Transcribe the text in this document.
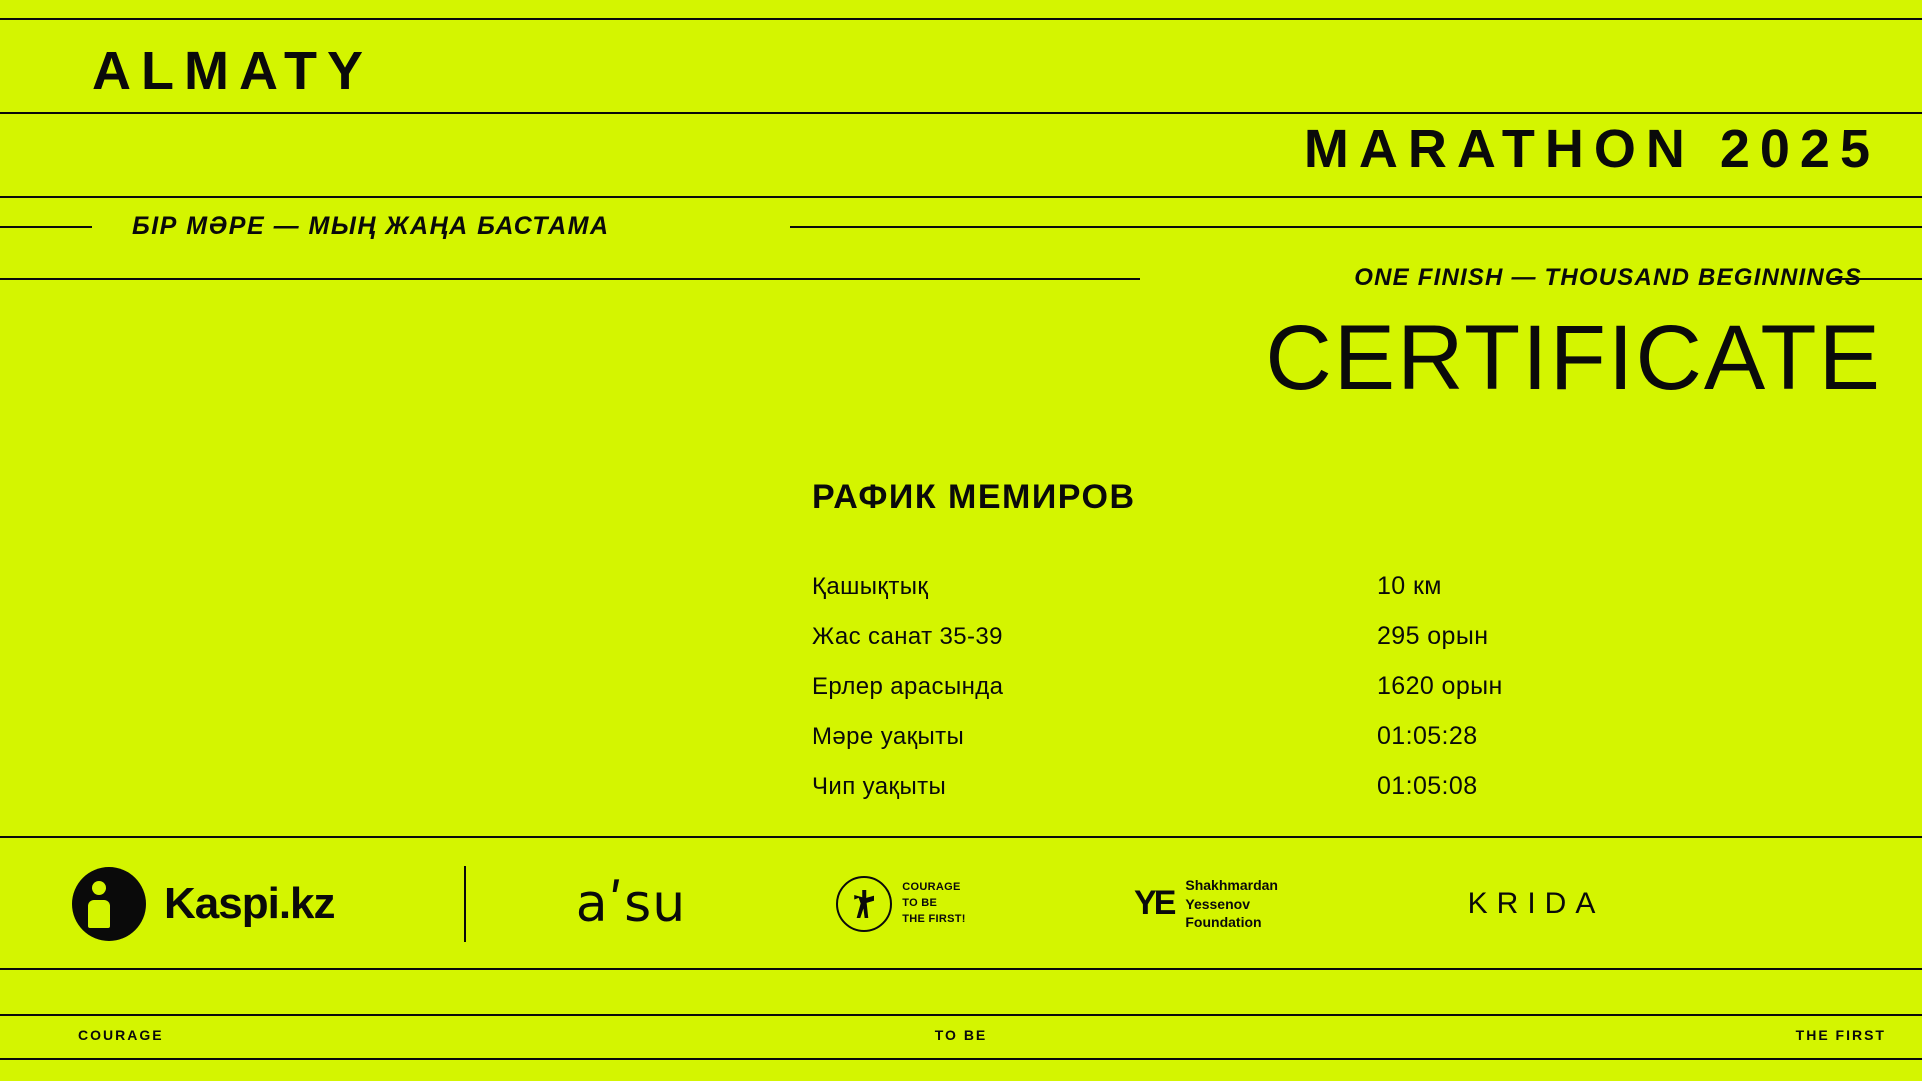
ALMATY
MARATHON 2025
БІР МӘРЕ — МЫҢ ЖАҢА БАСТАМА
ONE FINISH — THOUSAND BEGINNINGS
CERTIFICATE
РАФИК МЕМИРОВ
Қашықтық	10 км
Жас санат 35-39	295 орын
Ерлер арасында	1620 орын
Мәре уақыты	01:05:28
Чип уақыты	01:05:08
Kaspi.kz	aʹsu	COURAGE
TO BE
THE FIRST!	YE Shakhmardan
Yessenov
Foundation
KRIDA
COURAGE	TO BE	THE FIRST
